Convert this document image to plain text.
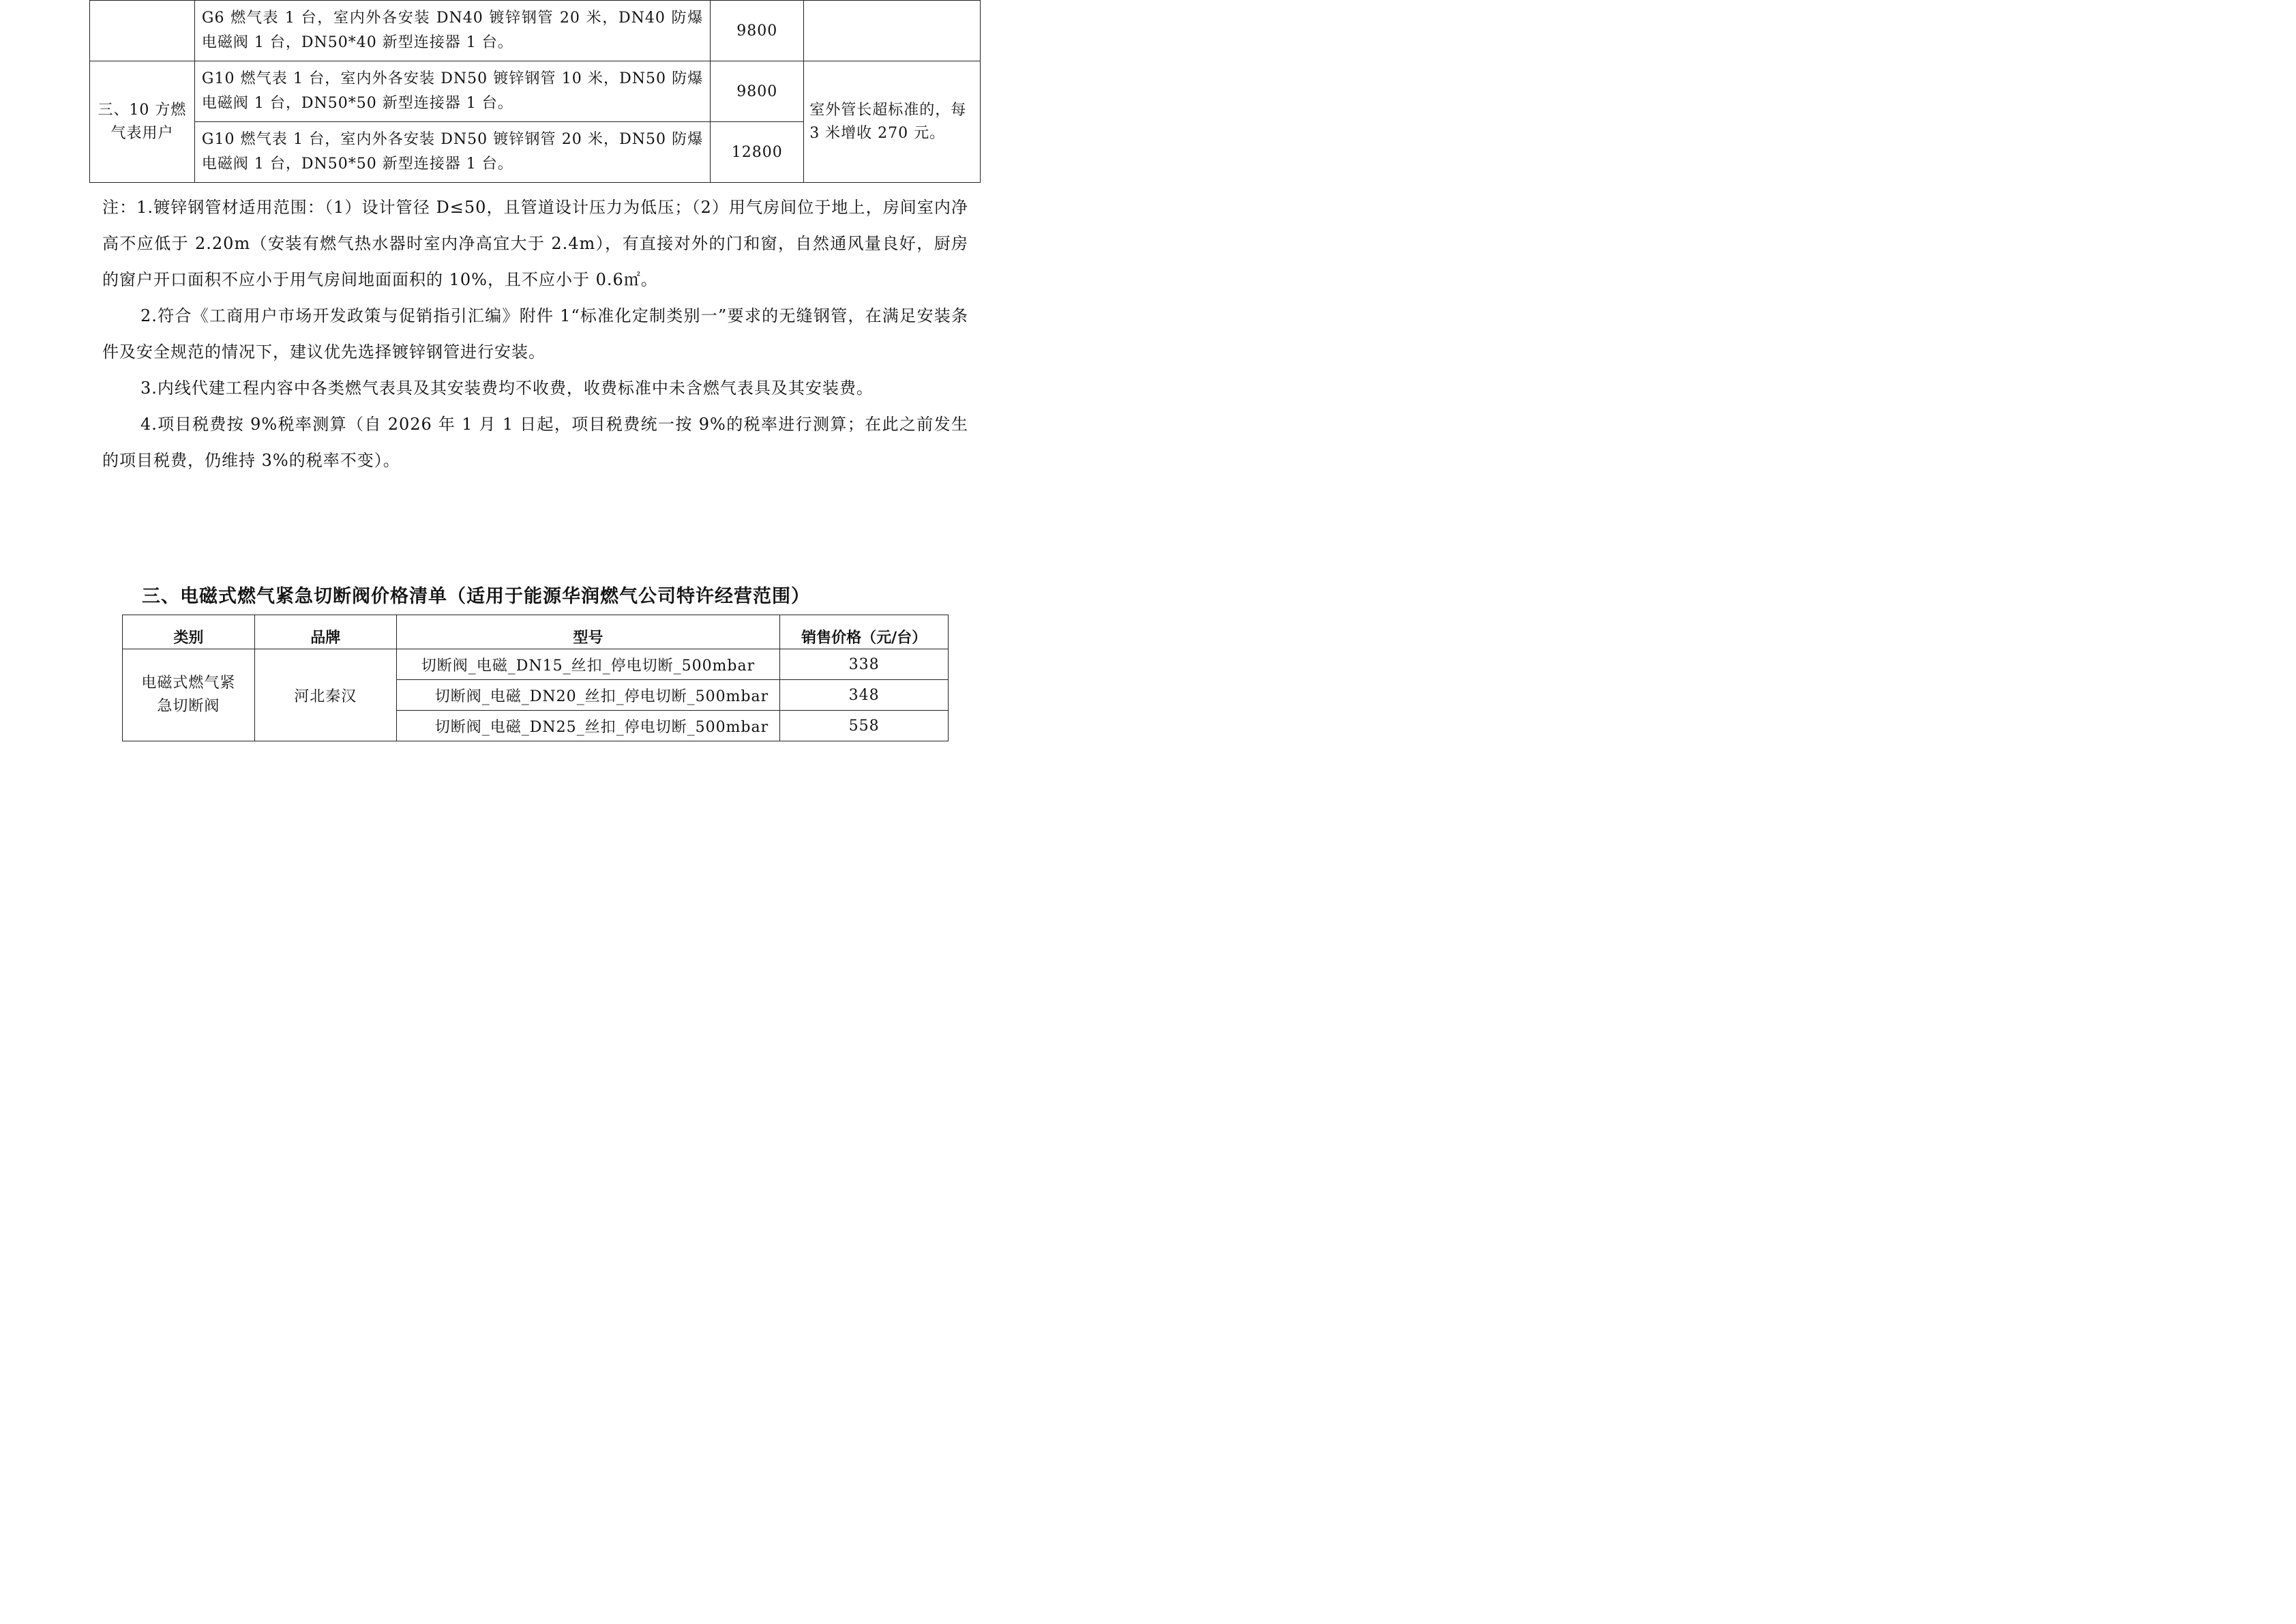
	G6 燃气表 1 台，室内外各安装 DN40 镀锌钢管 20 米，DN40 防爆电磁阀 1 台，DN50*40 新型连接器 1 台。	9800	
三、10 方燃气表用户	G10 燃气表 1 台，室内外各安装 DN50 镀锌钢管 10 米，DN50 防爆电磁阀 1 台，DN50*50 新型连接器 1 台。	9800	室外管长超标准的，每 3 米增收 270 元。
	G10 燃气表 1 台，室内外各安装 DN50 镀锌钢管 20 米，DN50 防爆电磁阀 1 台，DN50*50 新型连接器 1 台。	12800	

注：1.镀锌钢管材适用范围：（1）设计管径 D≤50，且管道设计压力为低压；（2）用气房间位于地上，房间室内净高不应低于 2.20m（安装有燃气热水器时室内净高宜大于 2.4m），有直接对外的门和窗，自然通风量良好，厨房的窗户开口面积不应小于用气房间地面面积的 10%，且不应小于 0.6㎡。

2.符合《工商用户市场开发政策与促销指引汇编》附件 1“标准化定制类别一”要求的无缝钢管，在满足安装条件及安全规范的情况下，建议优先选择镀锌钢管进行安装。

3.内线代建工程内容中各类燃气表具及其安装费均不收费，收费标准中未含燃气表具及其安装费。

4.项目税费按 9%税率测算（自 2026 年 1 月 1 日起，项目税费统一按 9%的税率进行测算；在此之前发生的项目税费，仍维持 3%的税率不变）。

三、电磁式燃气紧急切断阀价格清单（适用于能源华润燃气公司特许经营范围）
类别	品牌	型号	销售价格（元/台）
电磁式燃气紧急切断阀	河北秦汉	切断阀_电磁_DN15_丝扣_停电切断_500mbar	338
		切断阀_电磁_DN20_丝扣_停电切断_500mbar	348
		切断阀_电磁_DN25_丝扣_停电切断_500mbar	558
